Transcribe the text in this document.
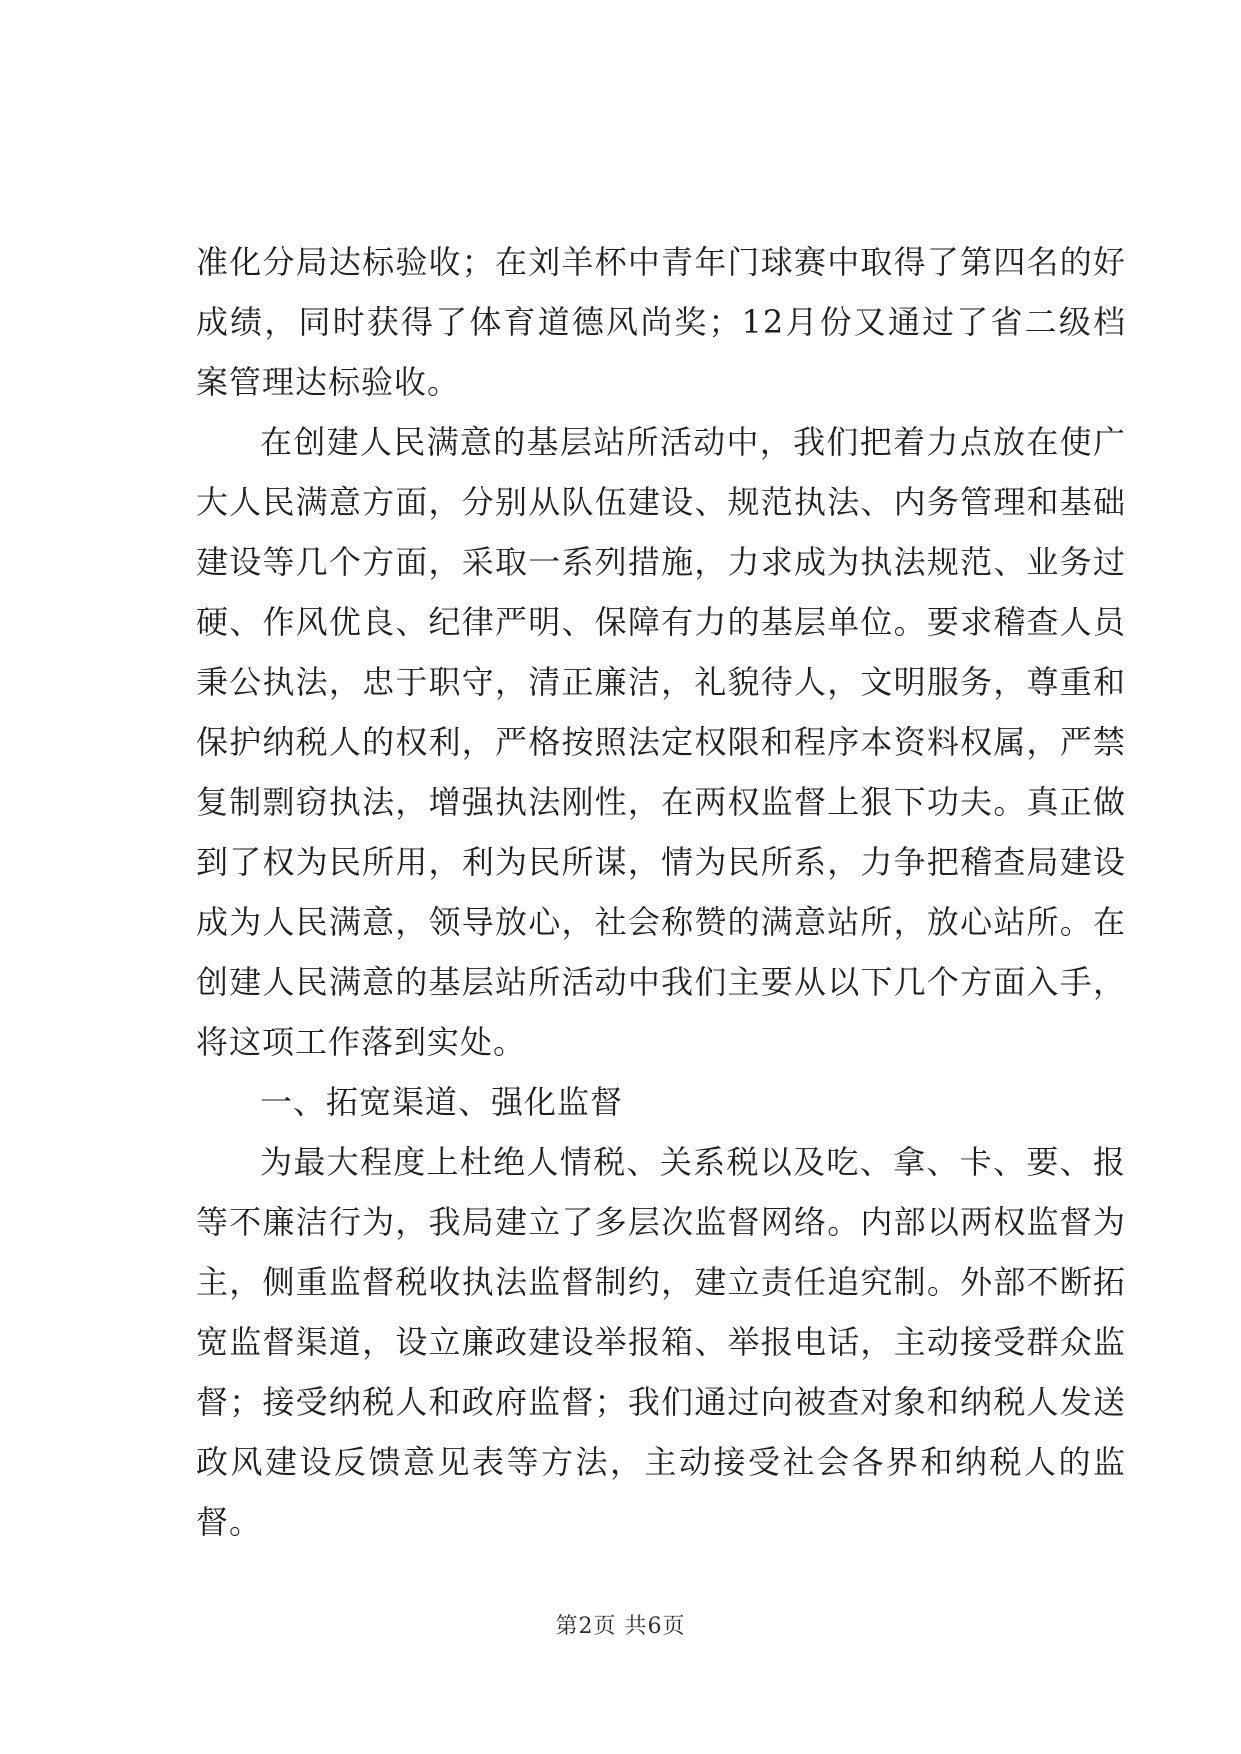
准化分局达标验收；在刘羊杯中青年门球赛中取得了第四名的好成绩，同时获得了体育道德风尚奖；12月份又通过了省二级档案管理达标验收。

在创建人民满意的基层站所活动中，我们把着力点放在使广大人民满意方面，分别从队伍建设、规范执法、内务管理和基础建设等几个方面，采取一系列措施，力求成为执法规范、业务过硬、作风优良、纪律严明、保障有力的基层单位。要求稽查人员秉公执法，忠于职守，清正廉洁，礼貌待人，文明服务，尊重和保护纳税人的权利，严格按照法定权限和程序本资料权属，严禁复制剽窃执法，增强执法刚性，在两权监督上狠下功夫。真正做到了权为民所用，利为民所谋，情为民所系，力争把稽查局建设成为人民满意，领导放心，社会称赞的满意站所，放心站所。在创建人民满意的基层站所活动中我们主要从以下几个方面入手，将这项工作落到实处。

一、拓宽渠道、强化监督

为最大程度上杜绝人情税、关系税以及吃、拿、卡、要、报等不廉洁行为，我局建立了多层次监督网络。内部以两权监督为主，侧重监督税收执法监督制约，建立责任追究制。外部不断拓宽监督渠道，设立廉政建设举报箱、举报电话，主动接受群众监督；接受纳税人和政府监督；我们通过向被查对象和纳税人发送政风建设反馈意见表等方法，主动接受社会各界和纳税人的监督。

第2页 共6页
